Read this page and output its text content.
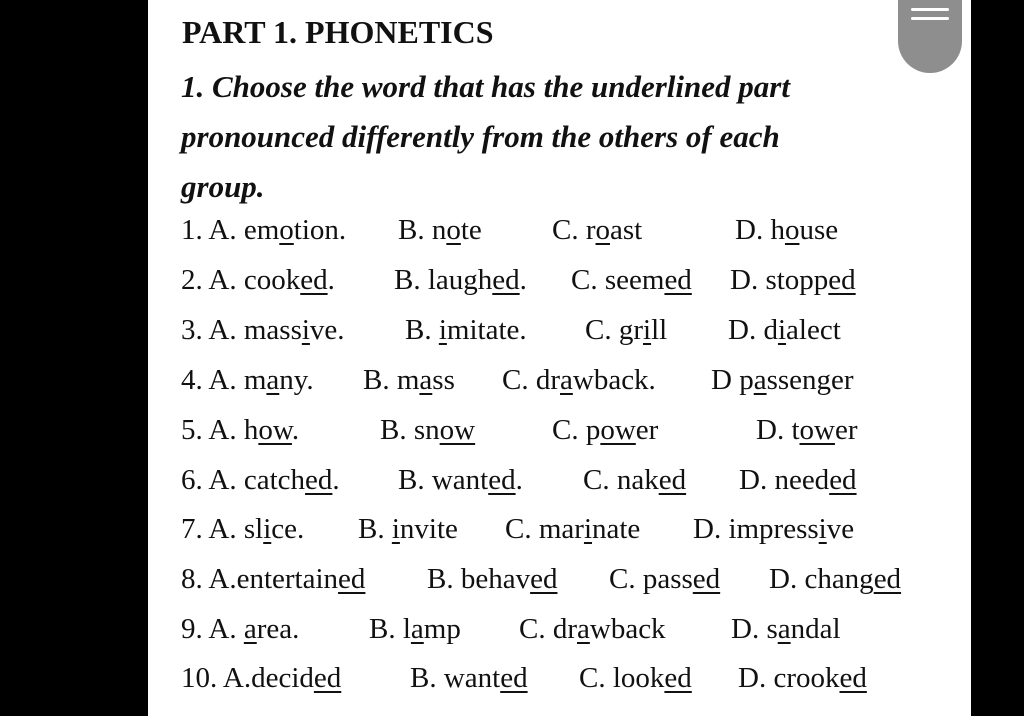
PART 1. PHONETICS
1. Choose the word that has the underlined part pronounced differently from the others of each group.
1. A. emotion. B. note C. roast	D. house
2. A. cooked. B. laughed. C. seemed D. stopped
3. A. massive. B. imitate. C. grill D. dialect
4. A. many. B. mass C. drawback. D passenger
5. A. how.	B. snow	C. power	D. tower
6. A. catched. B. wanted. C. naked D. needed
7. A. slice. B. invite C. marinate D. impressive
8. A.entertained B. behaved C. passed D. changed
9. A. area. B. lamp C. drawback D. sandal
10. A.decided B. wanted C. looked D. crooked
